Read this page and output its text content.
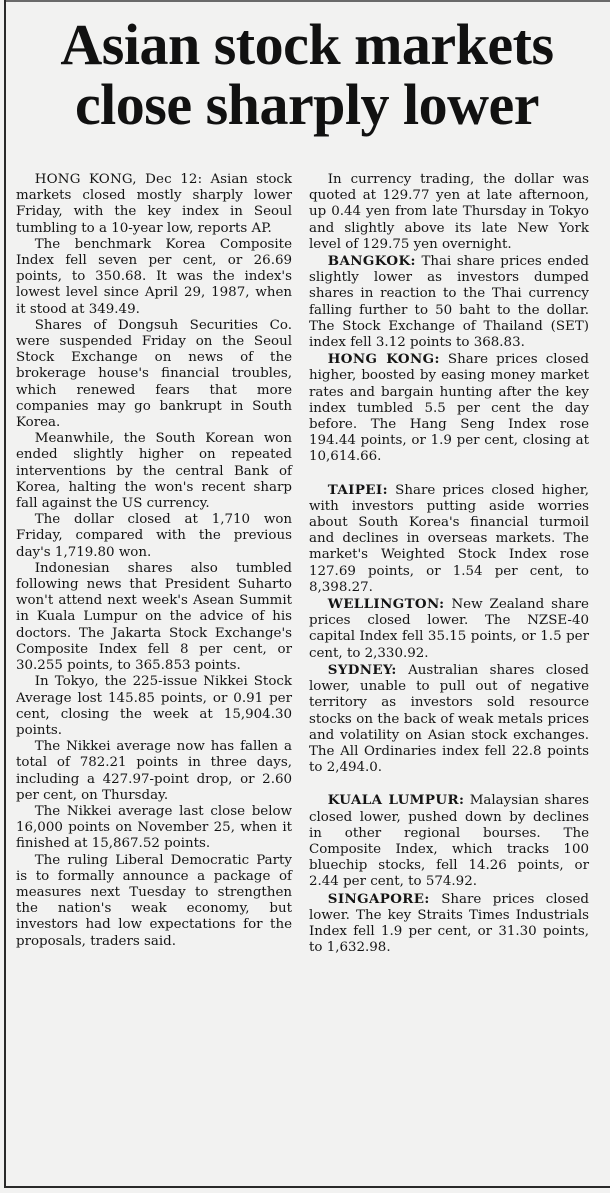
Asian stock markets
close sharply lower

HONG KONG, Dec 12: Asian stock markets closed mostly sharply lower Friday, with the key index in Seoul tumbling to a 10-year low, reports AP.

The benchmark Korea Composite Index fell seven per cent, or 26.69 points, to 350.68. It was the index's lowest level since April 29, 1987, when it stood at 349.49.

Shares of Dongsuh Securities Co. were suspended Friday on the Seoul Stock Exchange on news of the brokerage house's financial troubles, which renewed fears that more companies may go bankrupt in South Korea.

Meanwhile, the South Korean won ended slightly higher on repeated interventions by the central Bank of Korea, halting the won's recent sharp fall against the US currency.

The dollar closed at 1,710 won Friday, compared with the previous day's 1,719.80 won.

Indonesian shares also tumbled following news that President Suharto won't attend next week's Asean Summit in Kuala Lumpur on the advice of his doctors. The Jakarta Stock Exchange's Composite Index fell 8 per cent, or 30.255 points, to 365.853 points.

In Tokyo, the 225-issue Nikkei Stock Average lost 145.85 points, or 0.91 per cent, closing the week at 15,904.30 points.

The Nikkei average now has fallen a total of 782.21 points in three days, including a 427.97-point drop, or 2.60 per cent, on Thursday.

The Nikkei average last close below 16,000 points on November 25, when it finished at 15,867.52 points.

The ruling Liberal Democratic Party is to formally announce a package of measures next Tuesday to strengthen the nation's weak economy, but investors had low expectations for the proposals, traders said.

In currency trading, the dollar was quoted at 129.77 yen at late afternoon, up 0.44 yen from late Thursday in Tokyo and slightly above its late New York level of 129.75 yen overnight.

BANGKOK: Thai share prices ended slightly lower as investors dumped shares in reaction to the Thai currency falling further to 50 baht to the dollar. The Stock Exchange of Thailand (SET) index fell 3.12 points to 368.83.

HONG KONG: Share prices closed higher, boosted by easing money market rates and bargain hunting after the key index tumbled 5.5 per cent the day before. The Hang Seng Index rose 194.44 points, or 1.9 per cent, closing at 10,614.66.

TAIPEI: Share prices closed higher, with investors putting aside worries about South Korea's financial turmoil and declines in overseas markets. The market's Weighted Stock Index rose 127.69 points, or 1.54 per cent, to 8,398.27.

WELLINGTON: New Zealand share prices closed lower. The NZSE-40 capital Index fell 35.15 points, or 1.5 per cent, to 2,330.92.

SYDNEY: Australian shares closed lower, unable to pull out of negative territory as investors sold resource stocks on the back of weak metals prices and volatility on Asian stock exchanges. The All Ordinaries index fell 22.8 points to 2,494.0.

KUALA LUMPUR: Malaysian shares closed lower, pushed down by declines in other regional bourses. The Composite Index, which tracks 100 bluechip stocks, fell 14.26 points, or 2.44 per cent, to 574.92.

SINGAPORE: Share prices closed lower. The key Straits Times Industrials Index fell 1.9 per cent, or 31.30 points, to 1,632.98.
